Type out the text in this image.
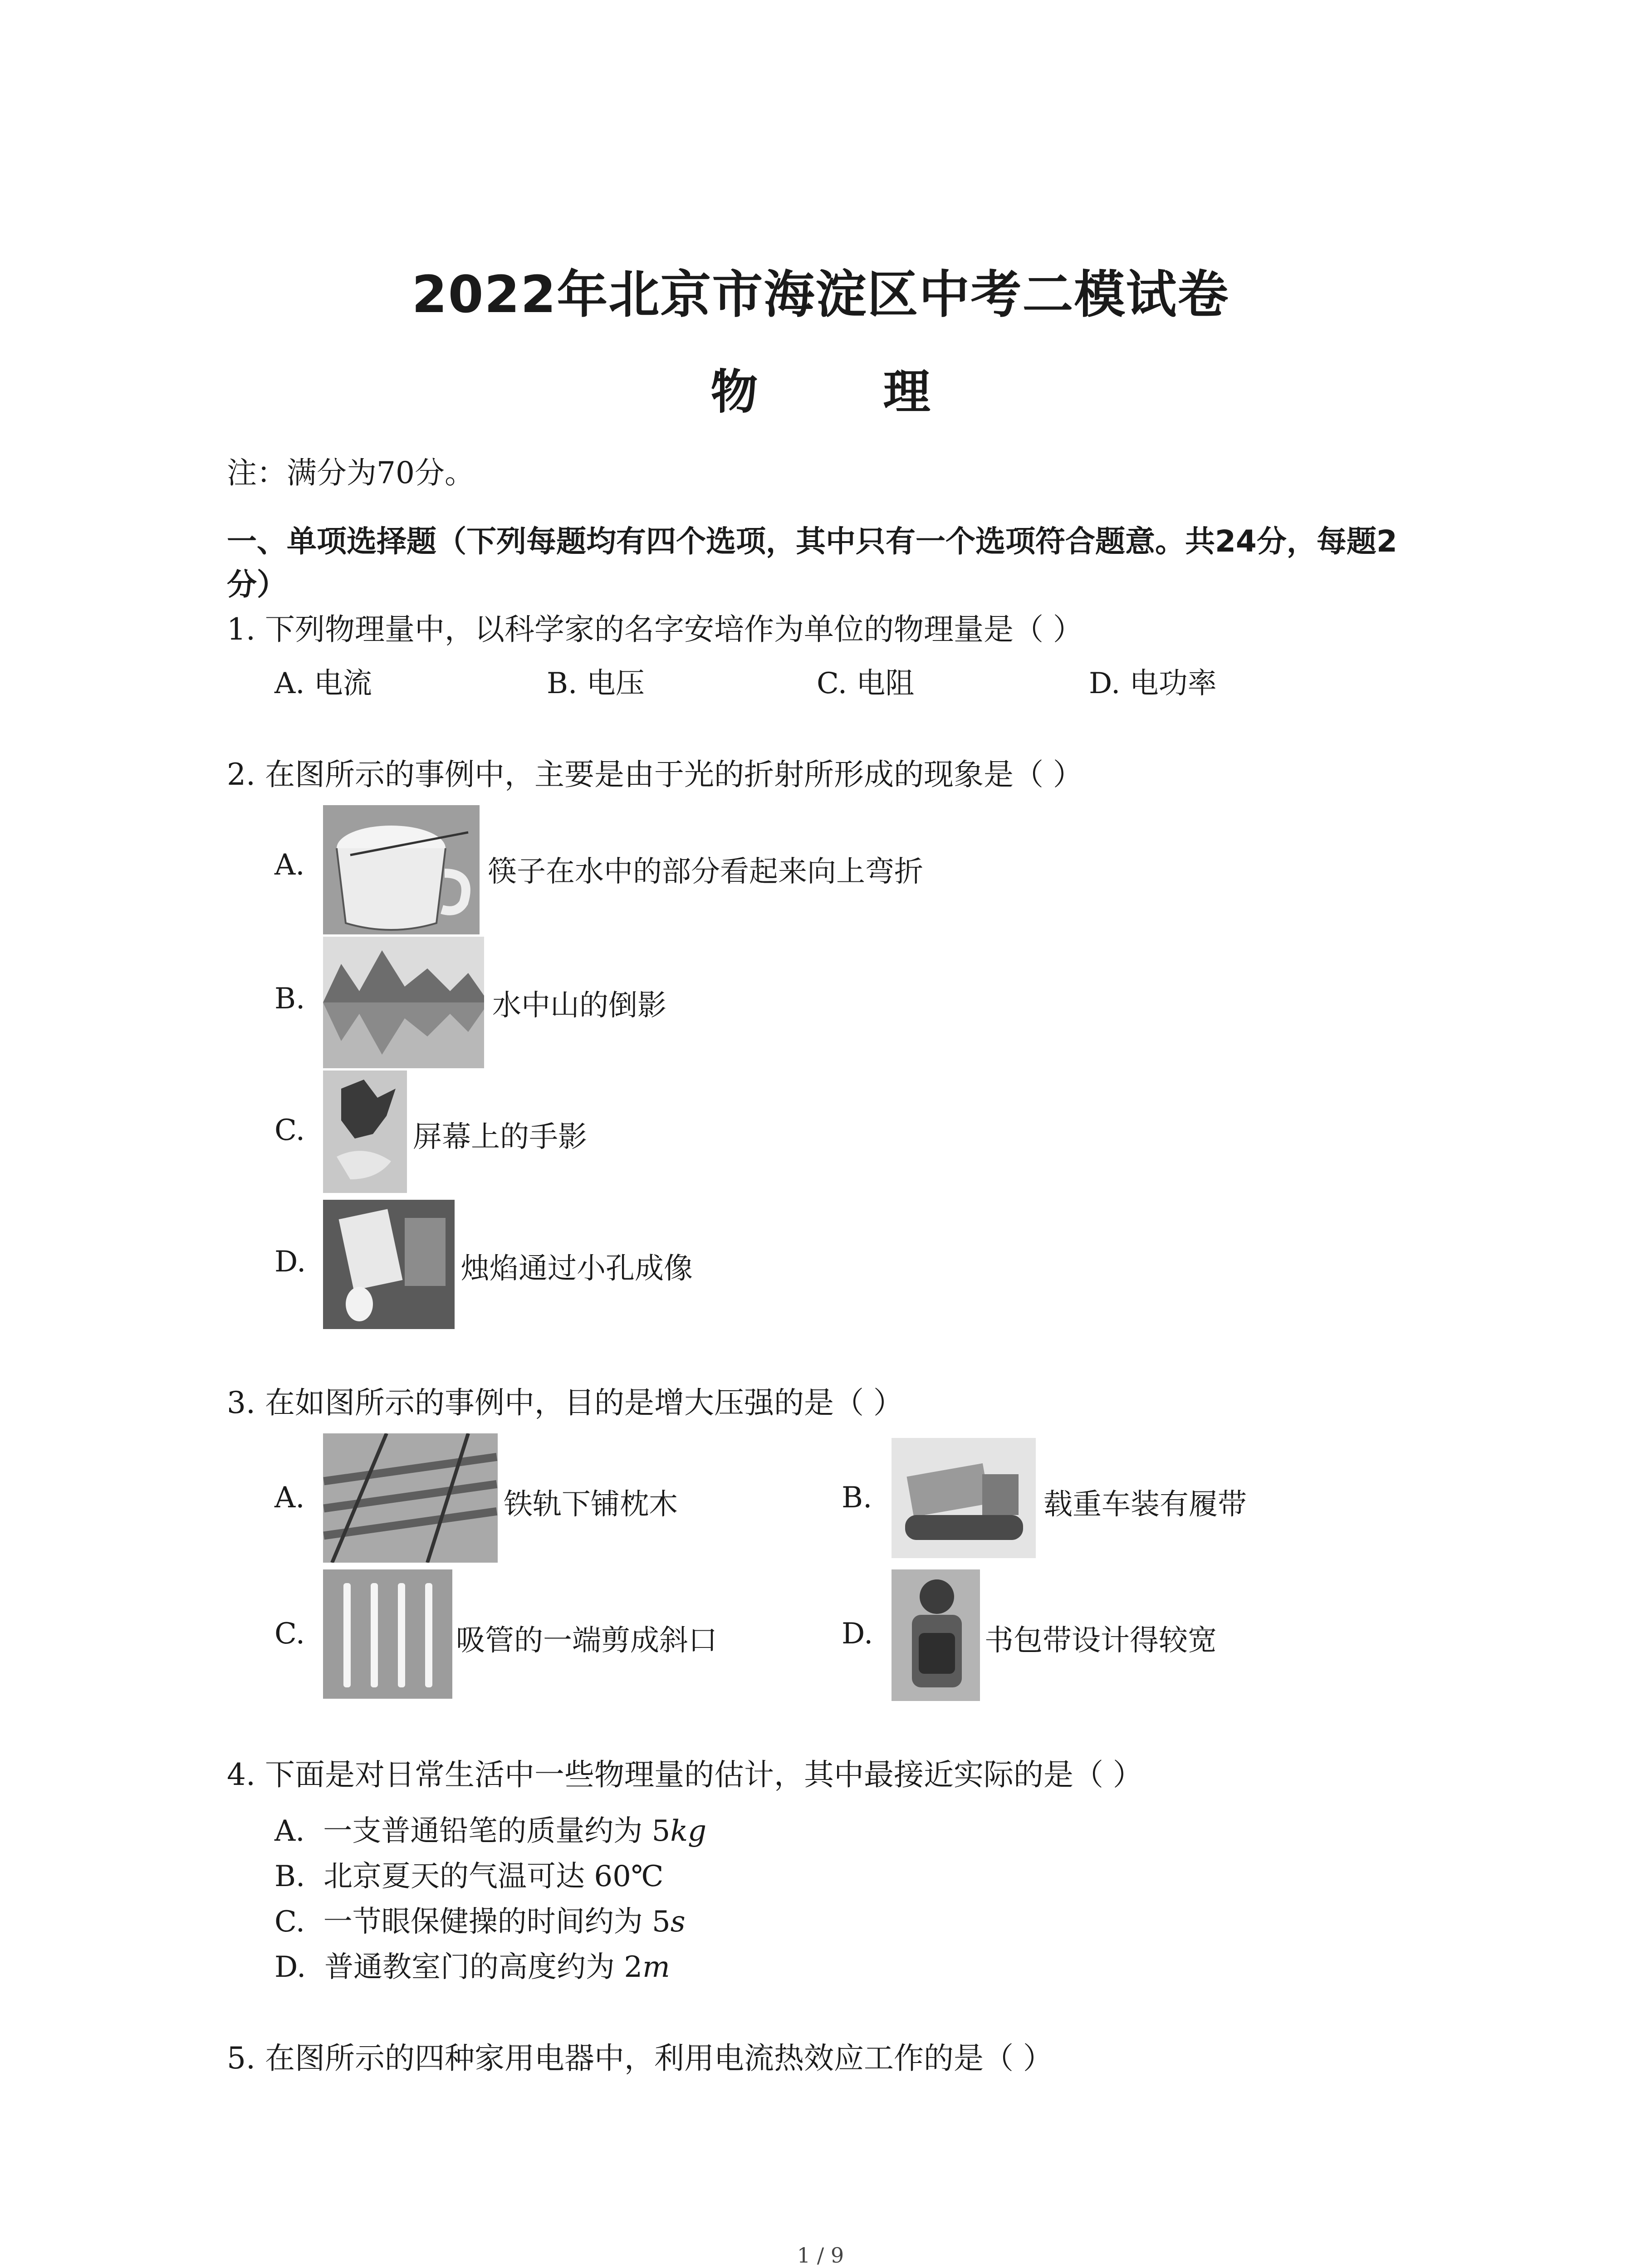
2022年北京市海淀区中考二模试卷
物 理
注：满分为70分。
一、单项选择题（下列每题均有四个选项，其中只有一个选项符合题意。共24分，每题2
分）
1. 下列物理量中，以科学家的名字安培作为单位的物理量是（ ）
A. 电流	B. 电压	C. 电阻	D. 电功率
2. 在图所示的事例中，主要是由于光的折射所形成的现象是（ ）
A.	筷子在水中的部分看起来向上弯折
B.	水中山的倒影
C.	屏幕上的手影
D.	烛焰通过小孔成像
3. 在如图所示的事例中，目的是增大压强的是（ ）
A.	铁轨下铺枕木	B.	载重车装有履带
C.	吸管的一端剪成斜口	D.	书包带设计得较宽
4. 下面是对日常生活中一些物理量的估计，其中最接近实际的是（ ）
A. 一支普通铅笔的质量约为 5kg
B. 北京夏天的气温可达 60℃
C. 一节眼保健操的时间约为 5s
D. 普通教室门的高度约为 2m
5. 在图所示的四种家用电器中，利用电流热效应工作的是（ ）
1 / 9
